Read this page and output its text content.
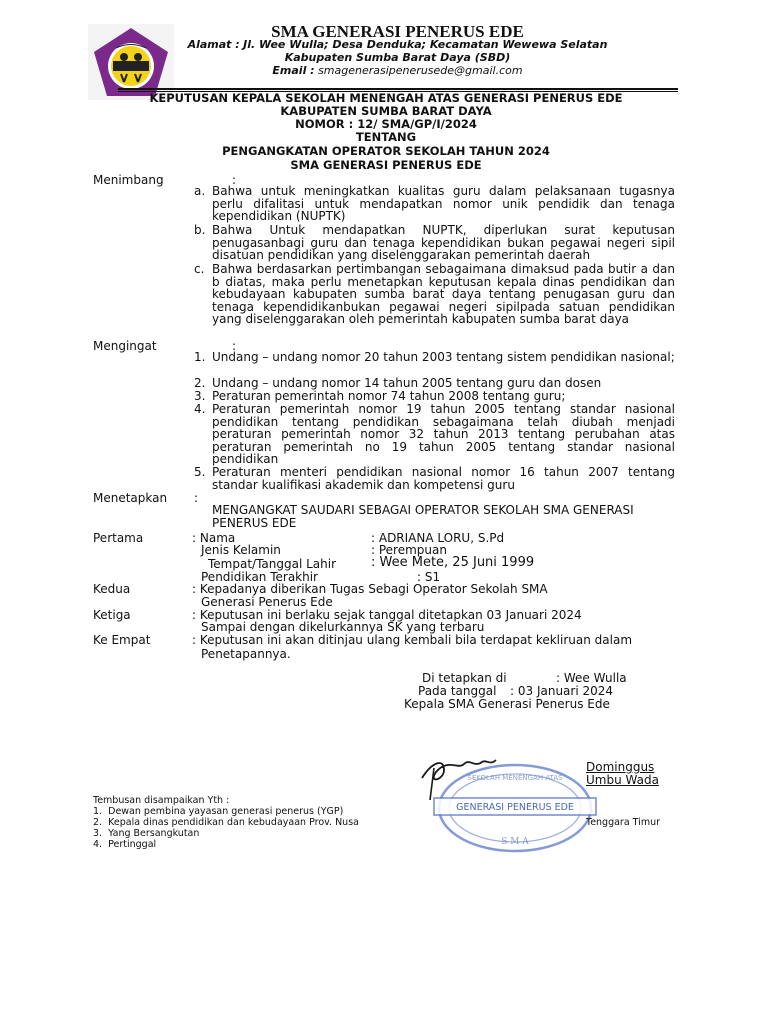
SMA GENERASI PENERUS EDE
Alamat : Jl. Wee Wulla; Desa Denduka; Kecamatan Wewewa Selatan
Kabupaten Sumba Barat Daya (SBD)
Email : smagenerasipenerusede@gmail.com
KEPUTUSAN KEPALA SEKOLAH MENENGAH ATAS GENERASI PENERUS EDE
KABUPATEN SUMBA BARAT DAYA
NOMOR : 12/ SMA/GP/I/2024
TENTANG
PENGANGKATAN OPERATOR SEKOLAH TAHUN 2024
SMA GENERASI PENERUS EDE
Menimbang	:
a. Bahwa untuk meningkatkan kualitas guru dalam pelaksanaan tugasnya perlu difalitasi untuk mendapatkan nomor unik pendidik dan tenaga kependidikan (NUPTK)
b. Bahwa Untuk mendapatkan NUPTK, diperlukan surat keputusan penugasanbagi guru dan tenaga kependidikan bukan pegawai negeri sipil disatuan pendidikan yang diselenggarakan pemerintah daerah
c. Bahwa berdasarkan pertimbangan sebagaimana dimaksud pada butir a dan b diatas, maka perlu menetapkan keputusan kepala dinas pendidikan dan kebudayaan kabupaten sumba barat daya tentang penugasan guru dan tenaga kependidikanbukan pegawai negeri sipilpada satuan pendidikan yang diselenggarakan oleh pemerintah kabupaten sumba barat daya
Mengingat	:
1. Undang – undang nomor 20 tahun 2003 tentang sistem pendidikan nasional;
2. Undang – undang nomor 14 tahun 2005 tentang guru dan dosen
3. Peraturan pemerintah nomor 74 tahun 2008 tentang guru;
4. Peraturan pemerintah nomor 19 tahun 2005 tentang standar nasional pendidikan tentang pendidikan sebagaimana telah diubah menjadi peraturan pemerintah nomor 32 tahun 2013 tentang perubahan atas peraturan pemerintah no 19 tahun 2005 tentang standar nasional pendidikan
5. Peraturan menteri pendidikan nasional nomor 16 tahun 2007 tentang standar kualifikasi akademik dan kompetensi guru
Menetapkan :
MENGANGKAT SAUDARI SEBAGAI OPERATOR SEKOLAH SMA GENERASI PENERUS EDE
Pertama	: Nama	: ADRIANA LORU, S.Pd
Jenis Kelamin	: Perempuan
Tempat/Tanggal Lahir	: Wee Mete, 25 Juni 1999
Pendidikan Terakhir	: S1
Kedua	: Kepadanya diberikan Tugas Sebagi Operator Sekolah SMA
Generasi Penerus Ede
Ketiga	: Keputusan ini berlaku sejak tanggal ditetapkan 03 Januari 2024
Sampai dengan dikelurkannya SK yang terbaru
Ke Empat	: Keputusan ini akan ditinjau ulang kembali bila terdapat kekliruan dalam
Penetapannya.
Di tetapkan di	: Wee Wulla
Pada tanggal : 03 Januari 2024
Kepala SMA Generasi Penerus Ede
GENERASI PENERUS EDE
SEKOLAH MENENGAH ATAS
S M A
Dominggus
Umbu Wada
Tembusan disampaikan Yth :
1. Dewan pembina yayasan generasi penerus (YGP)
2. Kepala dinas pendidikan dan kebudayaan Prov. Nusa
3. Yang Bersangkutan
4. Pertinggal
Tenggara Timur
